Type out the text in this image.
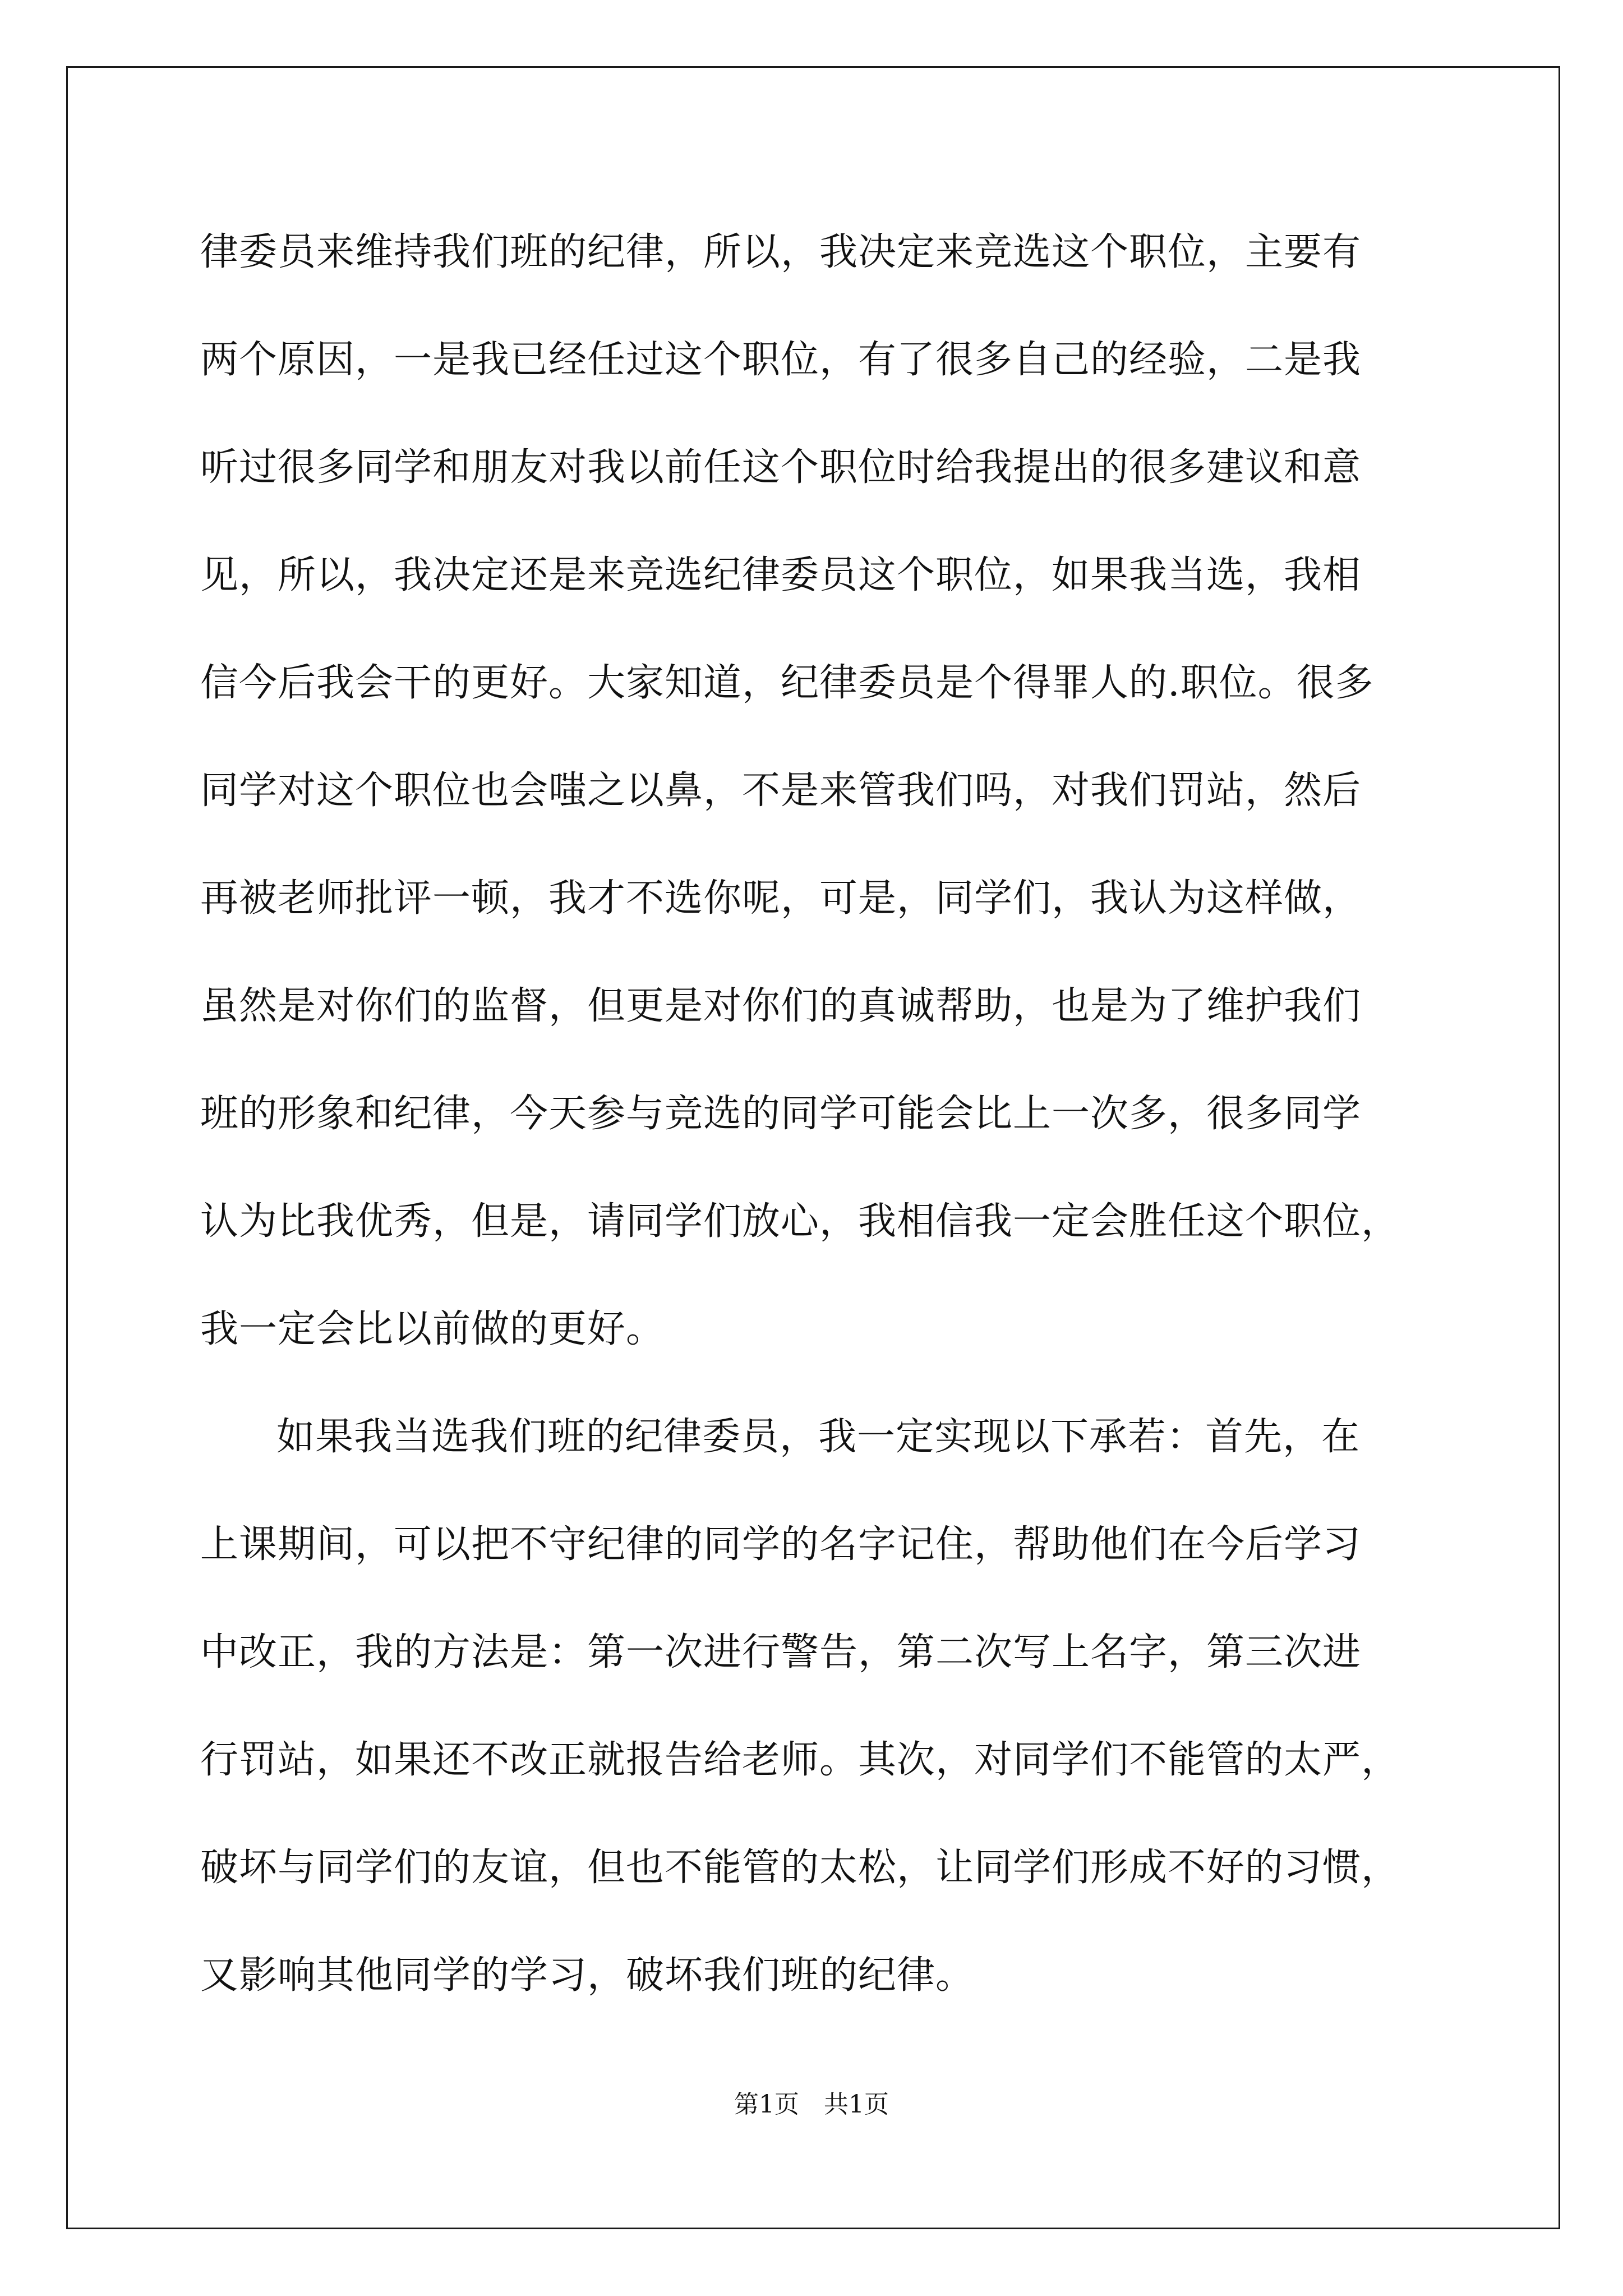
律委员来维持我们班的纪律，所以，我决定来竞选这个职位，主要有
两个原因，一是我已经任过这个职位，有了很多自己的经验，二是我
听过很多同学和朋友对我以前任这个职位时给我提出的很多建议和意
见，所以，我决定还是来竞选纪律委员这个职位，如果我当选，我相
信今后我会干的更好。大家知道，纪律委员是个得罪人的.职位。很多
同学对这个职位也会嗤之以鼻，不是来管我们吗，对我们罚站，然后
再被老师批评一顿，我才不选你呢，可是，同学们，我认为这样做，
虽然是对你们的监督，但更是对你们的真诚帮助，也是为了维护我们
班的形象和纪律，今天参与竞选的同学可能会比上一次多，很多同学
认为比我优秀，但是，请同学们放心，我相信我一定会胜任这个职位，
我一定会比以前做的更好。
如果我当选我们班的纪律委员，我一定实现以下承若：首先，在
上课期间，可以把不守纪律的同学的名字记住，帮助他们在今后学习
中改正，我的方法是：第一次进行警告，第二次写上名字，第三次进
行罚站，如果还不改正就报告给老师。其次，对同学们不能管的太严，
破坏与同学们的友谊，但也不能管的太松，让同学们形成不好的习惯，
又影响其他同学的学习，破坏我们班的纪律。
第1页　共1页
